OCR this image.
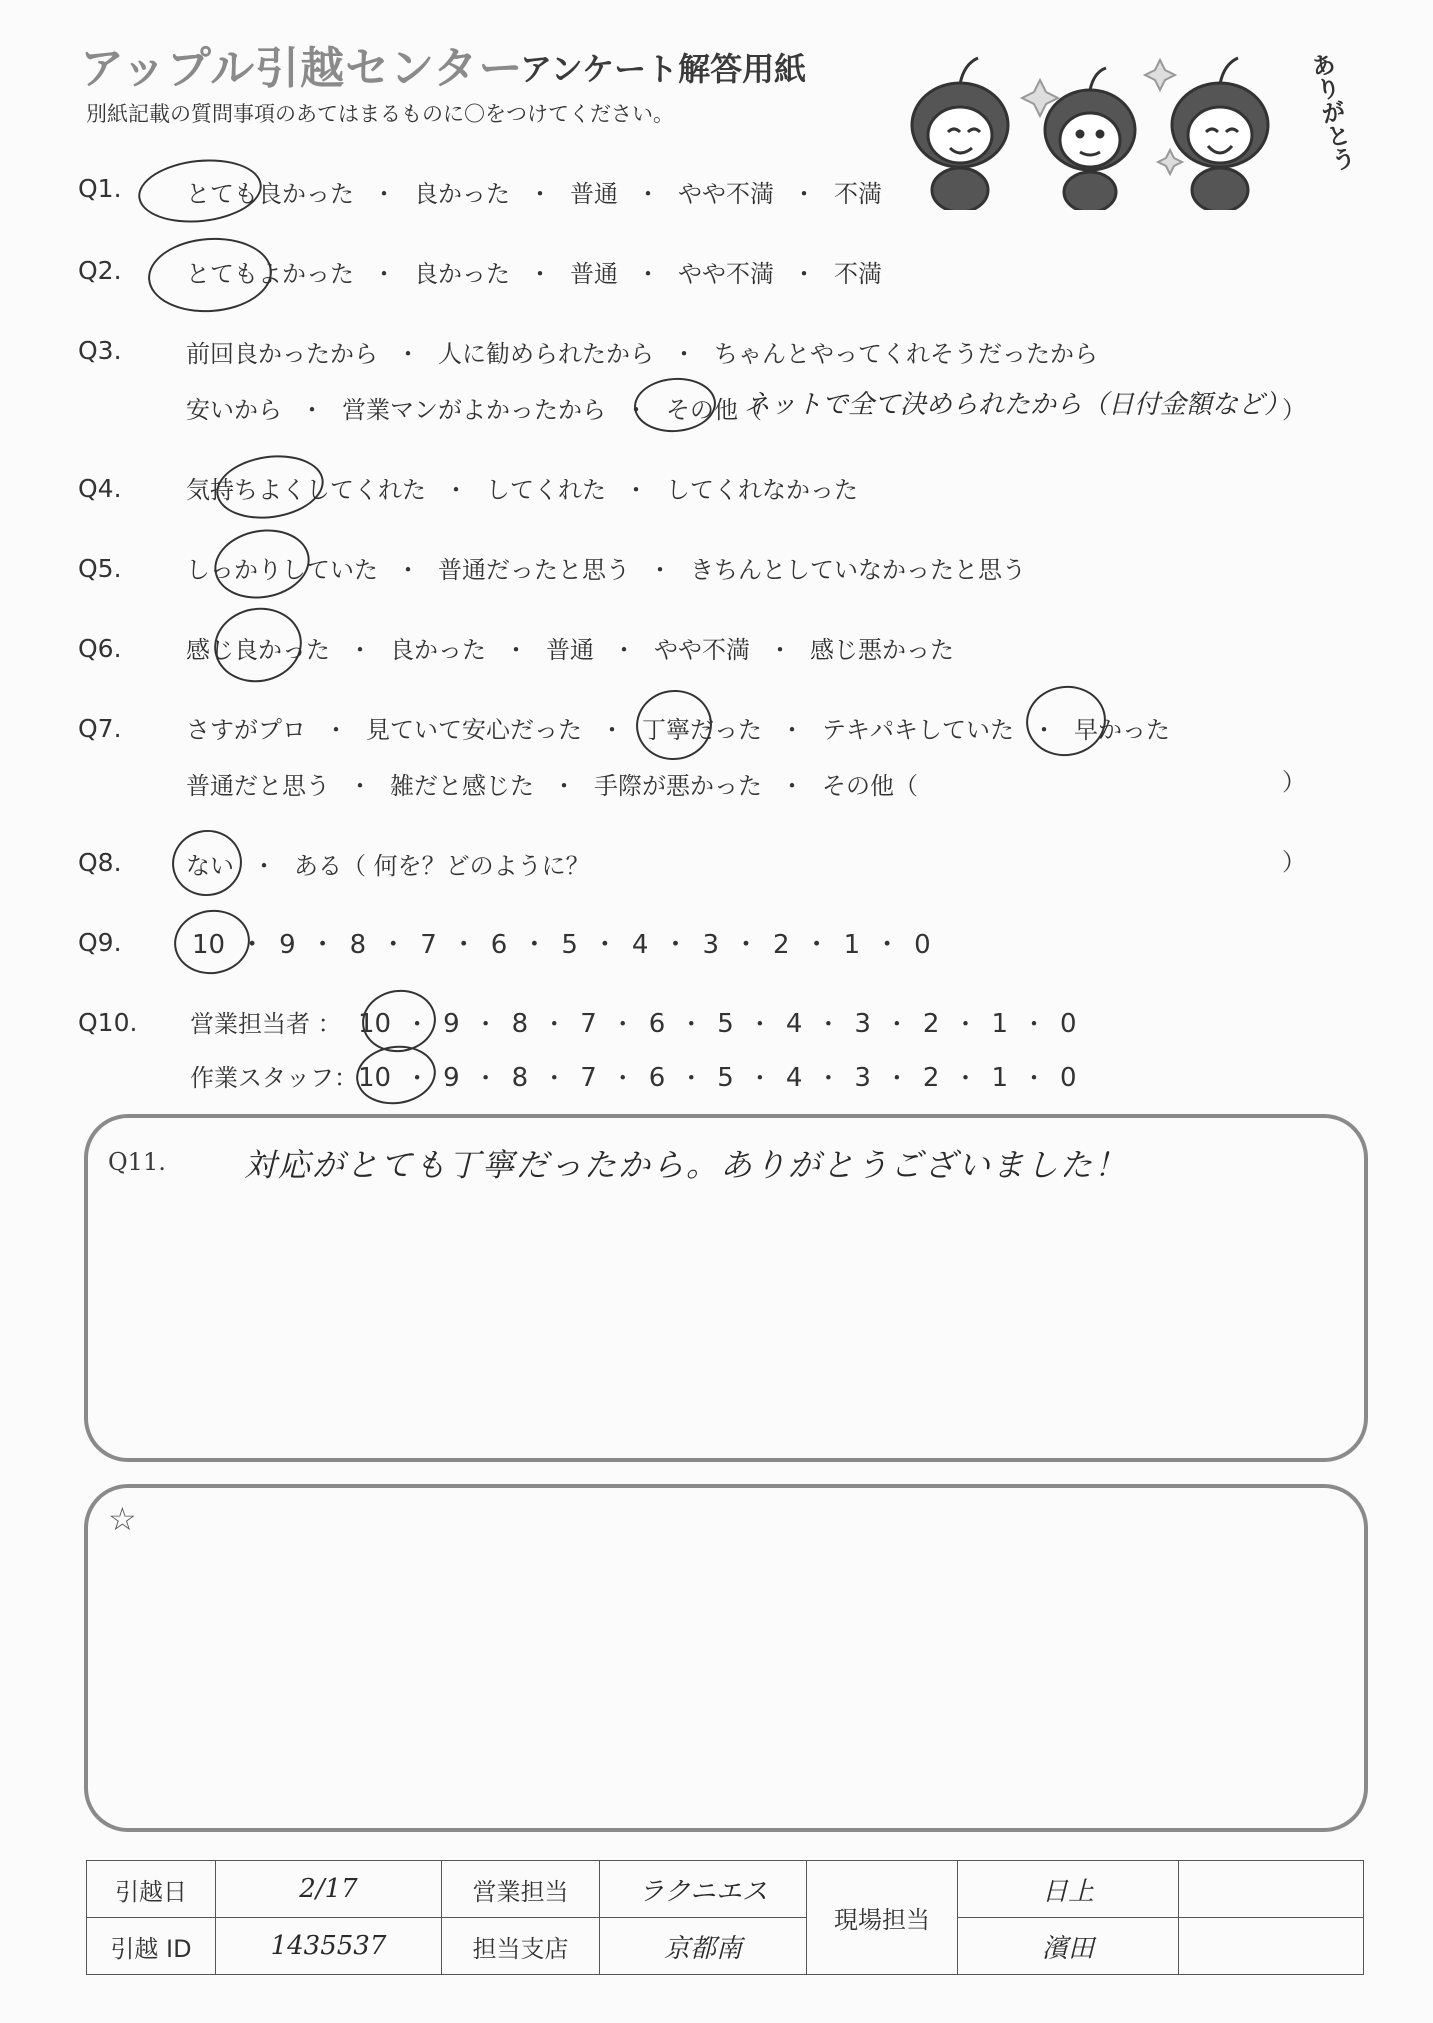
アップル引越センター
アンケート解答用紙
別紙記載の質問事項のあてはまるものに〇をつけてください。	ありがとう
Q1.	とても良かった ・ 良かった ・ 普通 ・ やや不満 ・ 不満
Q2.	とてもよかった ・ 良かった ・ 普通 ・ やや不満 ・ 不満
Q3.	前回良かったから ・ 人に勧められたから ・ ちゃんとやってくれそうだったから
安いから ・ 営業マンがよかったから ・ その他（
ネットで全て決められたから（日付金額など）
）
Q4.	気持ちよくしてくれた ・ してくれた ・ してくれなかった
Q5.	しっかりしていた ・ 普通だったと思う ・ きちんとしていなかったと思う
Q6.	感じ良かった ・ 良かった ・ 普通 ・ やや不満 ・ 感じ悪かった
Q7.	さすがプロ ・ 見ていて安心だった ・ 丁寧だった ・ テキパキしていた ・ 早かった
普通だと思う ・ 雑だと感じた ・ 手際が悪かった ・ その他（	）
Q8.	ない ・ ある（ 何を？どのように？	）
Q9.	10 ・ 9 ・ 8 ・ 7 ・ 6 ・ 5 ・ 4 ・ 3 ・ 2 ・ 1 ・ 0
Q10. 営業担当者 ： 10 ・ 9 ・ 8 ・ 7 ・ 6 ・ 5 ・ 4 ・ 3 ・ 2 ・ 1 ・ 0
作業スタッフ： 10 ・ 9 ・ 8 ・ 7 ・ 6 ・ 5 ・ 4 ・ 3 ・ 2 ・ 1 ・ 0
Q11. 対応がとても丁寧だったから。ありがとうございました！
☆
引越日	2/17	営業担当	ラクニエス	現場担当	日上	
引越 ID	1435537	担当支店	京都南		濱田	
